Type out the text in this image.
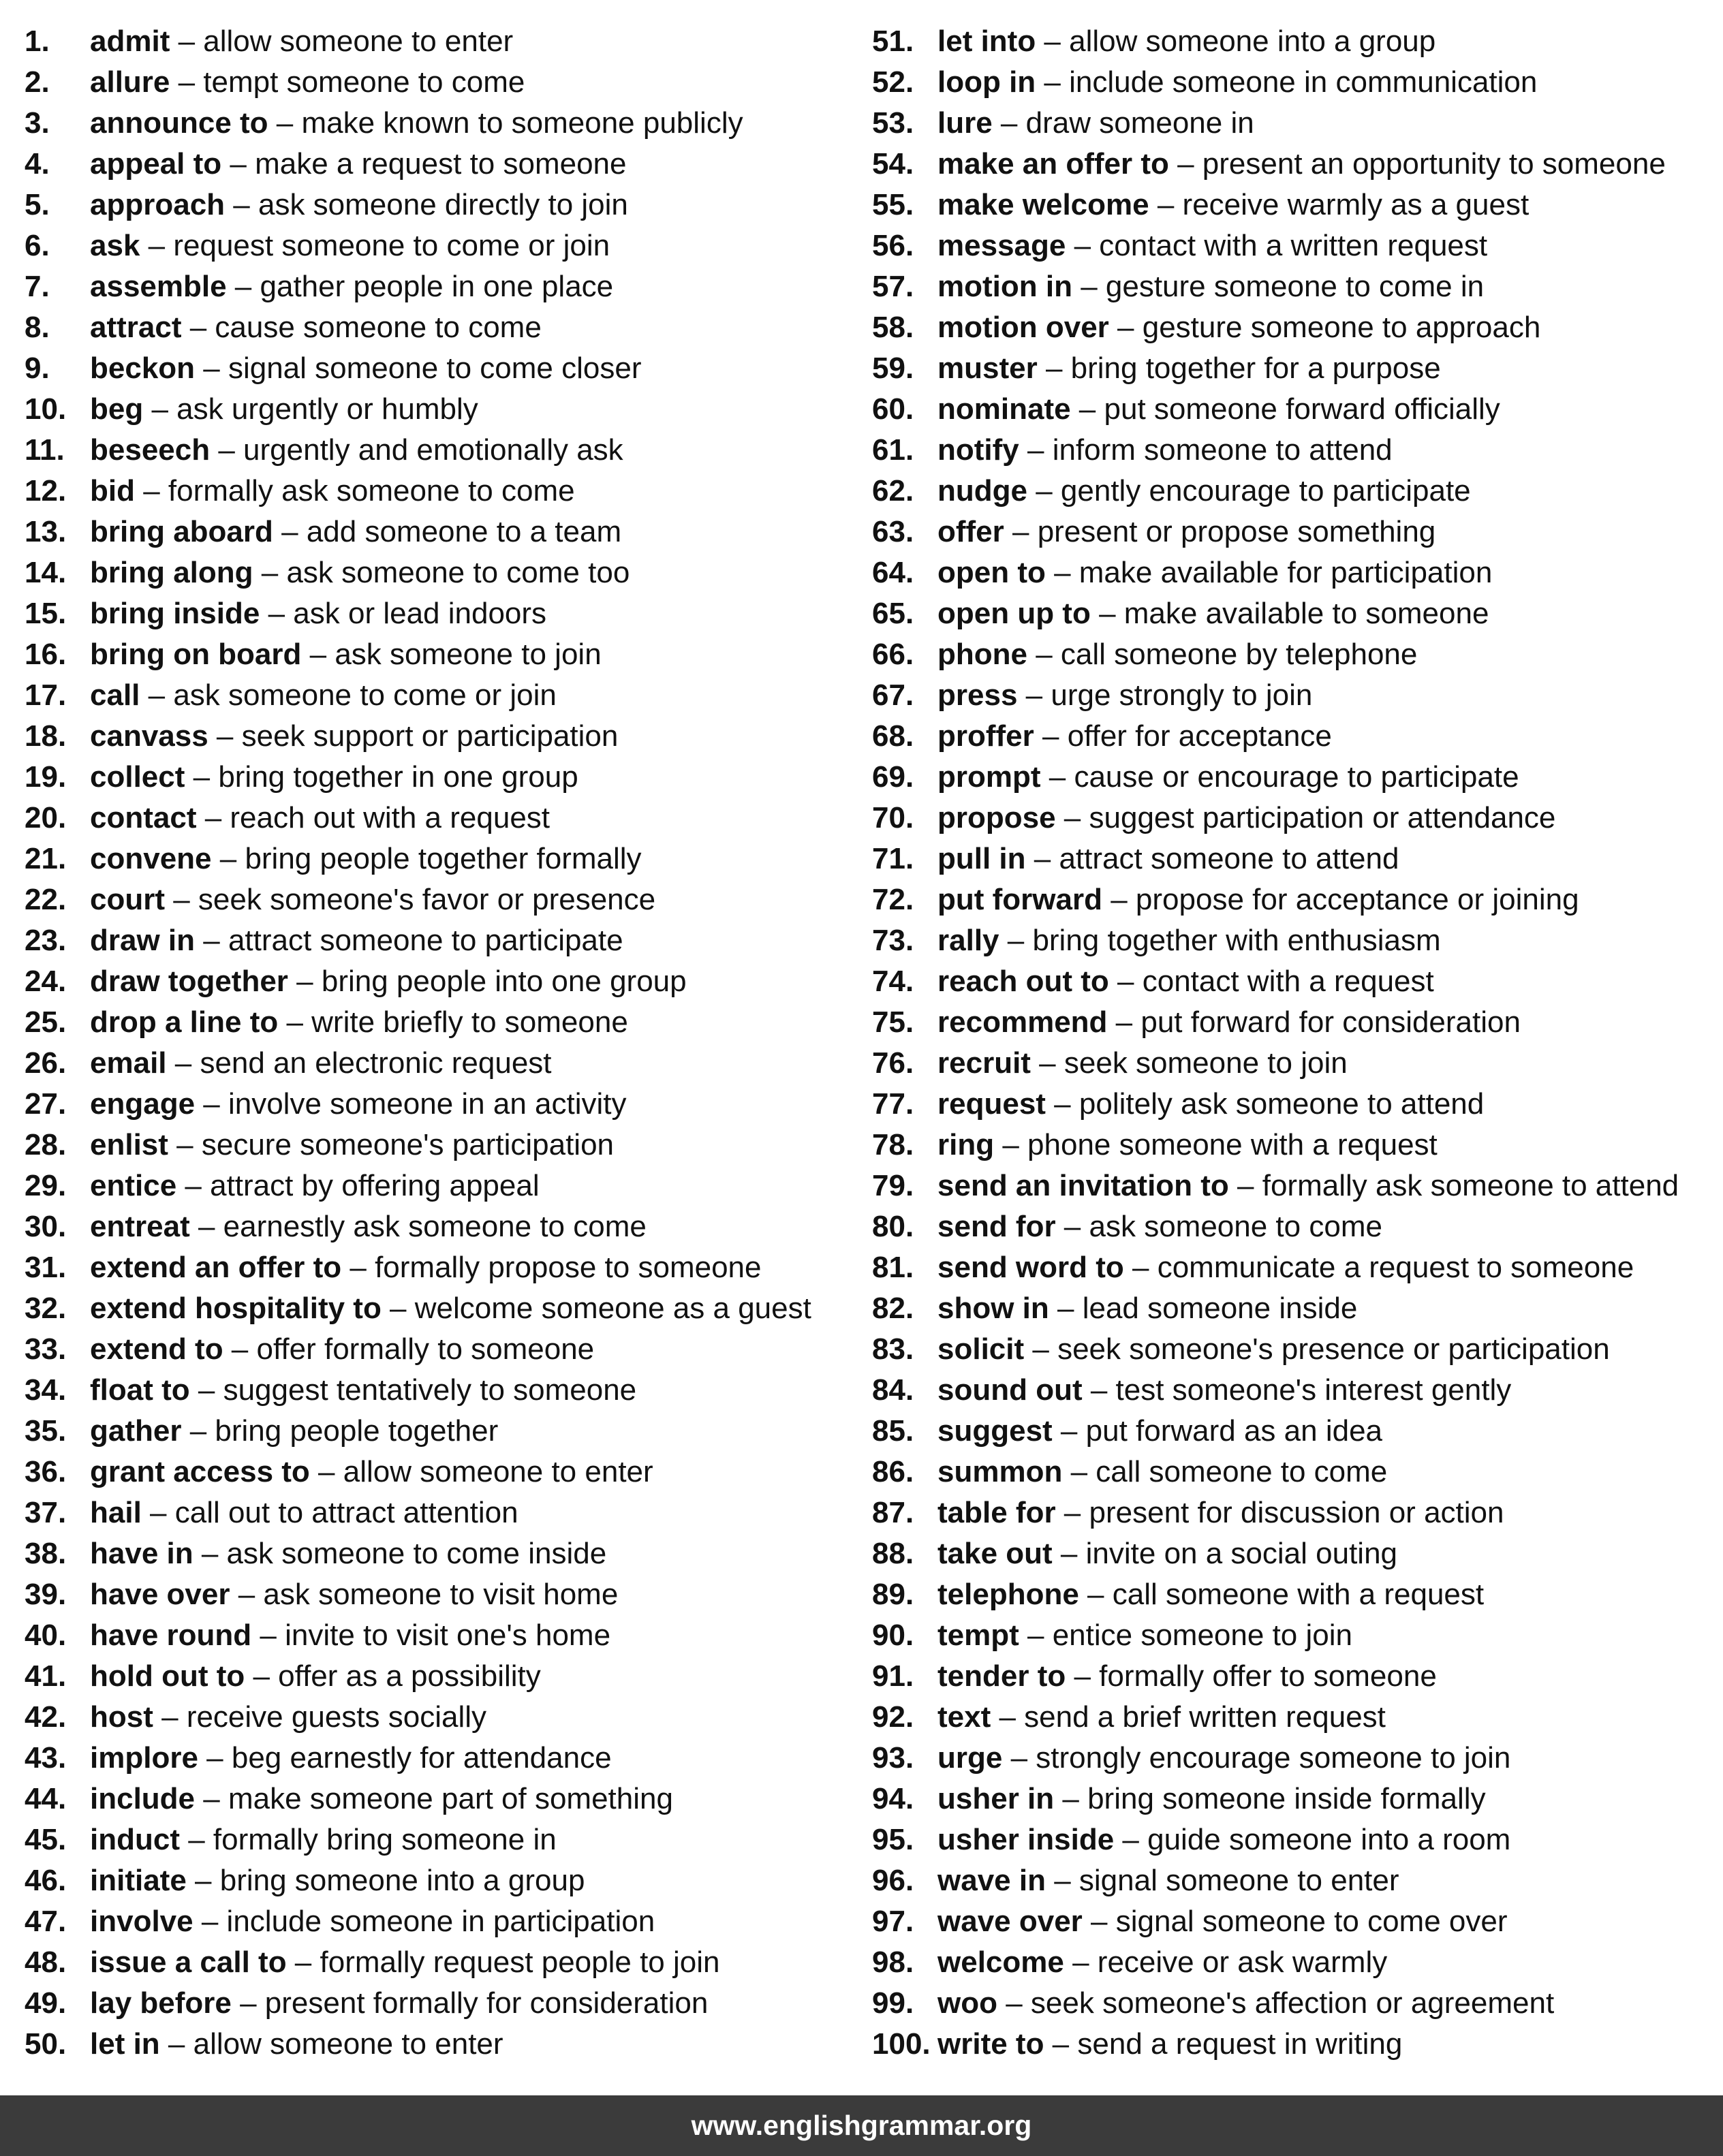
1.	admit – allow someone to enter
2.	allure – tempt someone to come
3.	announce to – make known to someone publicly
4.	appeal to – make a request to someone
5.	approach – ask someone directly to join
6.	ask – request someone to come or join
7.	assemble – gather people in one place
8.	attract – cause someone to come
9.	beckon – signal someone to come closer
10. beg – ask urgently or humbly
11. beseech – urgently and emotionally ask
12. bid – formally ask someone to come
13. bring aboard – add someone to a team
14. bring along – ask someone to come too
15. bring inside – ask or lead indoors
16. bring on board – ask someone to join
17. call – ask someone to come or join
18. canvass – seek support or participation
19. collect – bring together in one group
20. contact – reach out with a request
21. convene – bring people together formally
22. court – seek someone's favor or presence
23. draw in – attract someone to participate
24. draw together – bring people into one group
25. drop a line to – write briefly to someone
26. email – send an electronic request
27. engage – involve someone in an activity
28. enlist – secure someone's participation
29. entice – attract by offering appeal
30. entreat – earnestly ask someone to come
31. extend an offer to – formally propose to someone
32. extend hospitality to – welcome someone as a guest
33. extend to – offer formally to someone
34. float to – suggest tentatively to someone
35. gather – bring people together
36. grant access to – allow someone to enter
37. hail – call out to attract attention
38. have in – ask someone to come inside
39. have over – ask someone to visit home
40. have round – invite to visit one's home
41. hold out to – offer as a possibility
42. host – receive guests socially
43. implore – beg earnestly for attendance
44. include – make someone part of something
45. induct – formally bring someone in
46. initiate – bring someone into a group
47. involve – include someone in participation
48. issue a call to – formally request people to join
49. lay before – present formally for consideration
50. let in – allow someone to enter
51. let into – allow someone into a group
52. loop in – include someone in communication
53. lure – draw someone in
54. make an offer to – present an opportunity to someone
55. make welcome – receive warmly as a guest
56. message – contact with a written request
57. motion in – gesture someone to come in
58. motion over – gesture someone to approach
59. muster – bring together for a purpose
60. nominate – put someone forward officially
61. notify – inform someone to attend
62. nudge – gently encourage to participate
63. offer – present or propose something
64. open to – make available for participation
65. open up to – make available to someone
66. phone – call someone by telephone
67. press – urge strongly to join
68. proffer – offer for acceptance
69. prompt – cause or encourage to participate
70. propose – suggest participation or attendance
71. pull in – attract someone to attend
72. put forward – propose for acceptance or joining
73. rally – bring together with enthusiasm
74. reach out to – contact with a request
75. recommend – put forward for consideration
76. recruit – seek someone to join
77. request – politely ask someone to attend
78. ring – phone someone with a request
79. send an invitation to – formally ask someone to attend
80. send for – ask someone to come
81. send word to – communicate a request to someone
82. show in – lead someone inside
83. solicit – seek someone's presence or participation
84. sound out – test someone's interest gently
85. suggest – put forward as an idea
86. summon – call someone to come
87. table for – present for discussion or action
88. take out – invite on a social outing
89. telephone – call someone with a request
90. tempt – entice someone to join
91. tender to – formally offer to someone
92. text – send a brief written request
93. urge – strongly encourage someone to join
94. usher in – bring someone inside formally
95. usher inside – guide someone into a room
96. wave in – signal someone to enter
97. wave over – signal someone to come over
98. welcome – receive or ask warmly
99. woo – seek someone's affection or agreement
100. write to – send a request in writing
www.englishgrammar.org
